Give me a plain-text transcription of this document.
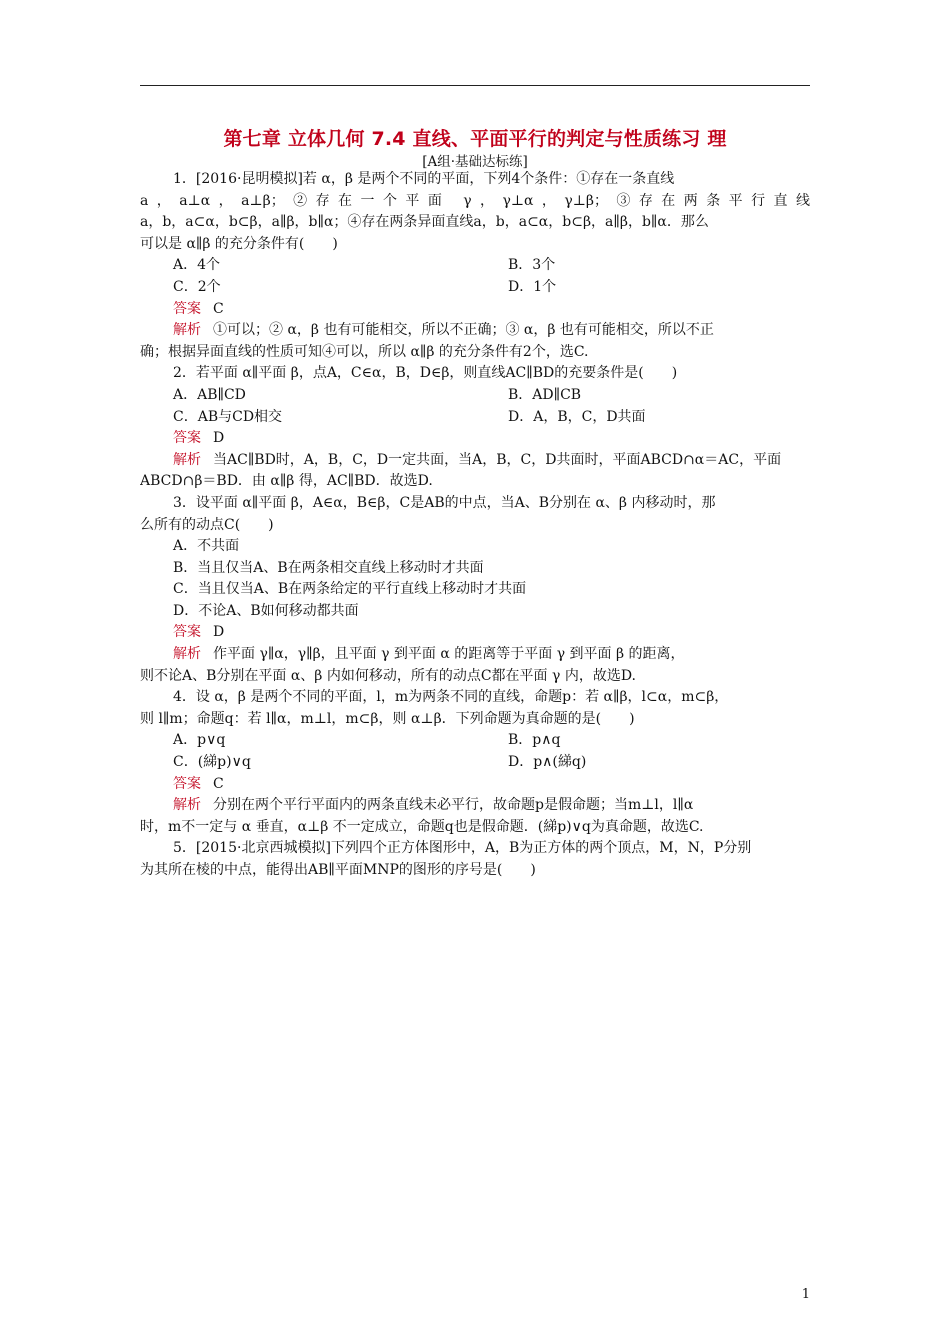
第七章 立体几何 7.4 直线、平面平行的判定与性质练习 理
[A组·基础达标练]
1．[2016·昆明模拟]若 α，β 是两个不同的平面，下列4个条件：①存在一条直线
a，a⊥α，a⊥β；②存在一个平面 γ，γ⊥α，γ⊥β；③存在两条平行直线
a，b，a⊂α，b⊂β，a∥β，b∥α；④存在两条异面直线a，b，a⊂α，b⊂β，a∥β，b∥α．那么
可以是 α∥β 的充分条件有(　　)
A．4个	B．3个
C．2个	D．1个
答案 C
解析 ①可以；② α，β 也有可能相交，所以不正确；③ α，β 也有可能相交，所以不正
确；根据异面直线的性质可知④可以，所以 α∥β 的充分条件有2个，选C.
2．若平面 α∥平面 β，点A，C∈α，B，D∈β，则直线AC∥BD的充要条件是(　　)
A．AB∥CD	B．AD∥CB
C．AB与CD相交	D．A，B，C，D共面
答案 D
解析 当AC∥BD时，A，B，C，D一定共面，当A，B，C，D共面时，平面ABCD∩α＝AC，平面
ABCD∩β＝BD．由 α∥β 得，AC∥BD．故选D.
3．设平面 α∥平面 β，A∈α，B∈β，C是AB的中点，当A、B分别在 α、β 内移动时，那
么所有的动点C(　　)
A．不共面
B．当且仅当A、B在两条相交直线上移动时才共面
C．当且仅当A、B在两条给定的平行直线上移动时才共面
D．不论A、B如何移动都共面
答案 D
解析 作平面 γ∥α，γ∥β，且平面 γ 到平面 α 的距离等于平面 γ 到平面 β 的距离，
则不论A、B分别在平面 α、β 内如何移动，所有的动点C都在平面 γ 内，故选D.
4．设 α，β 是两个不同的平面，l，m为两条不同的直线，命题p：若 α∥β，l⊂α，m⊂β，
则 l∥m；命题q：若 l∥α，m⊥l，m⊂β，则 α⊥β．下列命题为真命题的是(　　)
A．p∨q	B．p∧q
C．(綈p)∨q	D．p∧(綈q)
答案 C
解析 分别在两个平行平面内的两条直线未必平行，故命题p是假命题；当m⊥l，l∥α
时，m不一定与 α 垂直，α⊥β 不一定成立，命题q也是假命题．(綈p)∨q为真命题，故选C.
5．[2015·北京西城模拟]下列四个正方体图形中，A，B为正方体的两个顶点，M，N，P分别
为其所在棱的中点，能得出AB∥平面MNP的图形的序号是(　　)
1
